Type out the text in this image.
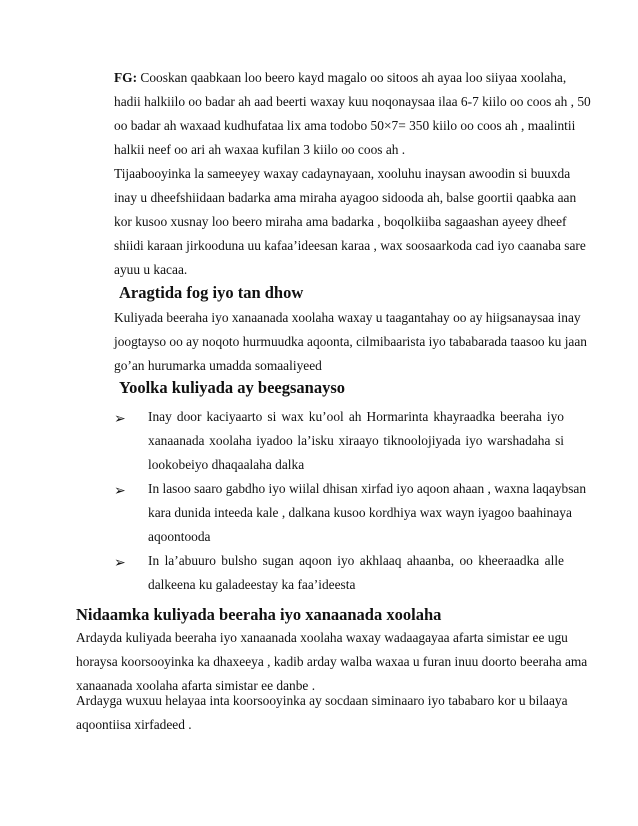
FG: Cooskan qaabkaan loo beero kayd magalo oo sitoos ah ayaa loo siiyaa xoolaha,
hadii halkiilo oo badar ah aad beerti waxay kuu noqonaysaa ilaa 6-7 kiilo oo coos ah , 50
oo badar ah waxaad kudhufataa lix ama todobo 50×7= 350 kiilo oo coos ah , maalintii
halkii neef oo ari ah waxaa kufilan 3 kiilo oo coos ah .
Tijaabooyinka la sameeyey waxay cadaynayaan, xooluhu inaysan awoodin si buuxda
inay u dheefshiidaan badarka ama miraha ayagoo sidooda ah, balse goortii qaabka aan
kor kusoo xusnay loo beero miraha ama badarka , boqolkiiba sagaashan ayeey dheef
shiidi karaan jirkooduna uu kafaa’ideesan karaa , wax soosaarkoda cad iyo caanaba sare
ayuu u kacaa.
Aragtida fog iyo tan dhow
Kuliyada beeraha iyo xanaanada xoolaha waxay u taagantahay oo ay hiigsanaysaa inay
joogtayso oo ay noqoto hurmuudka aqoonta, cilmibaarista iyo tababarada taasoo ku jaan
go’an hurumarka umadda somaaliyeed
Yoolka kuliyada ay beegsanayso
➢ Inay door kaciyaarto si wax ku’ool ah Hormarinta khayraadka beeraha iyo
xanaanada xoolaha iyadoo la’isku xiraayo tiknoolojiyada iyo warshadaha si
lookobeiyo dhaqaalaha dalka
➢ In lasoo saaro gabdho iyo wiilal dhisan xirfad iyo aqoon ahaan , waxna laqaybsan
kara dunida inteeda kale , dalkana kusoo kordhiya wax wayn iyagoo baahinaya
aqoontooda
➢ In la’abuuro bulsho sugan aqoon iyo akhlaaq ahaanba, oo kheeraadka alle
dalkeena ku galadeestay ka faa’ideesta
Nidaamka kuliyada beeraha iyo xanaanada xoolaha
Ardayda kuliyada beeraha iyo xanaanada xoolaha waxay wadaagayaa afarta simistar ee ugu
horaysa koorsooyinka ka dhaxeeya , kadib arday walba waxaa u furan inuu doorto beeraha ama
xanaanada xoolaha afarta simistar ee danbe .
Ardayga wuxuu helayaa inta koorsooyinka ay socdaan siminaaro iyo tababaro kor u bilaaya
aqoontiisa xirfadeed .
